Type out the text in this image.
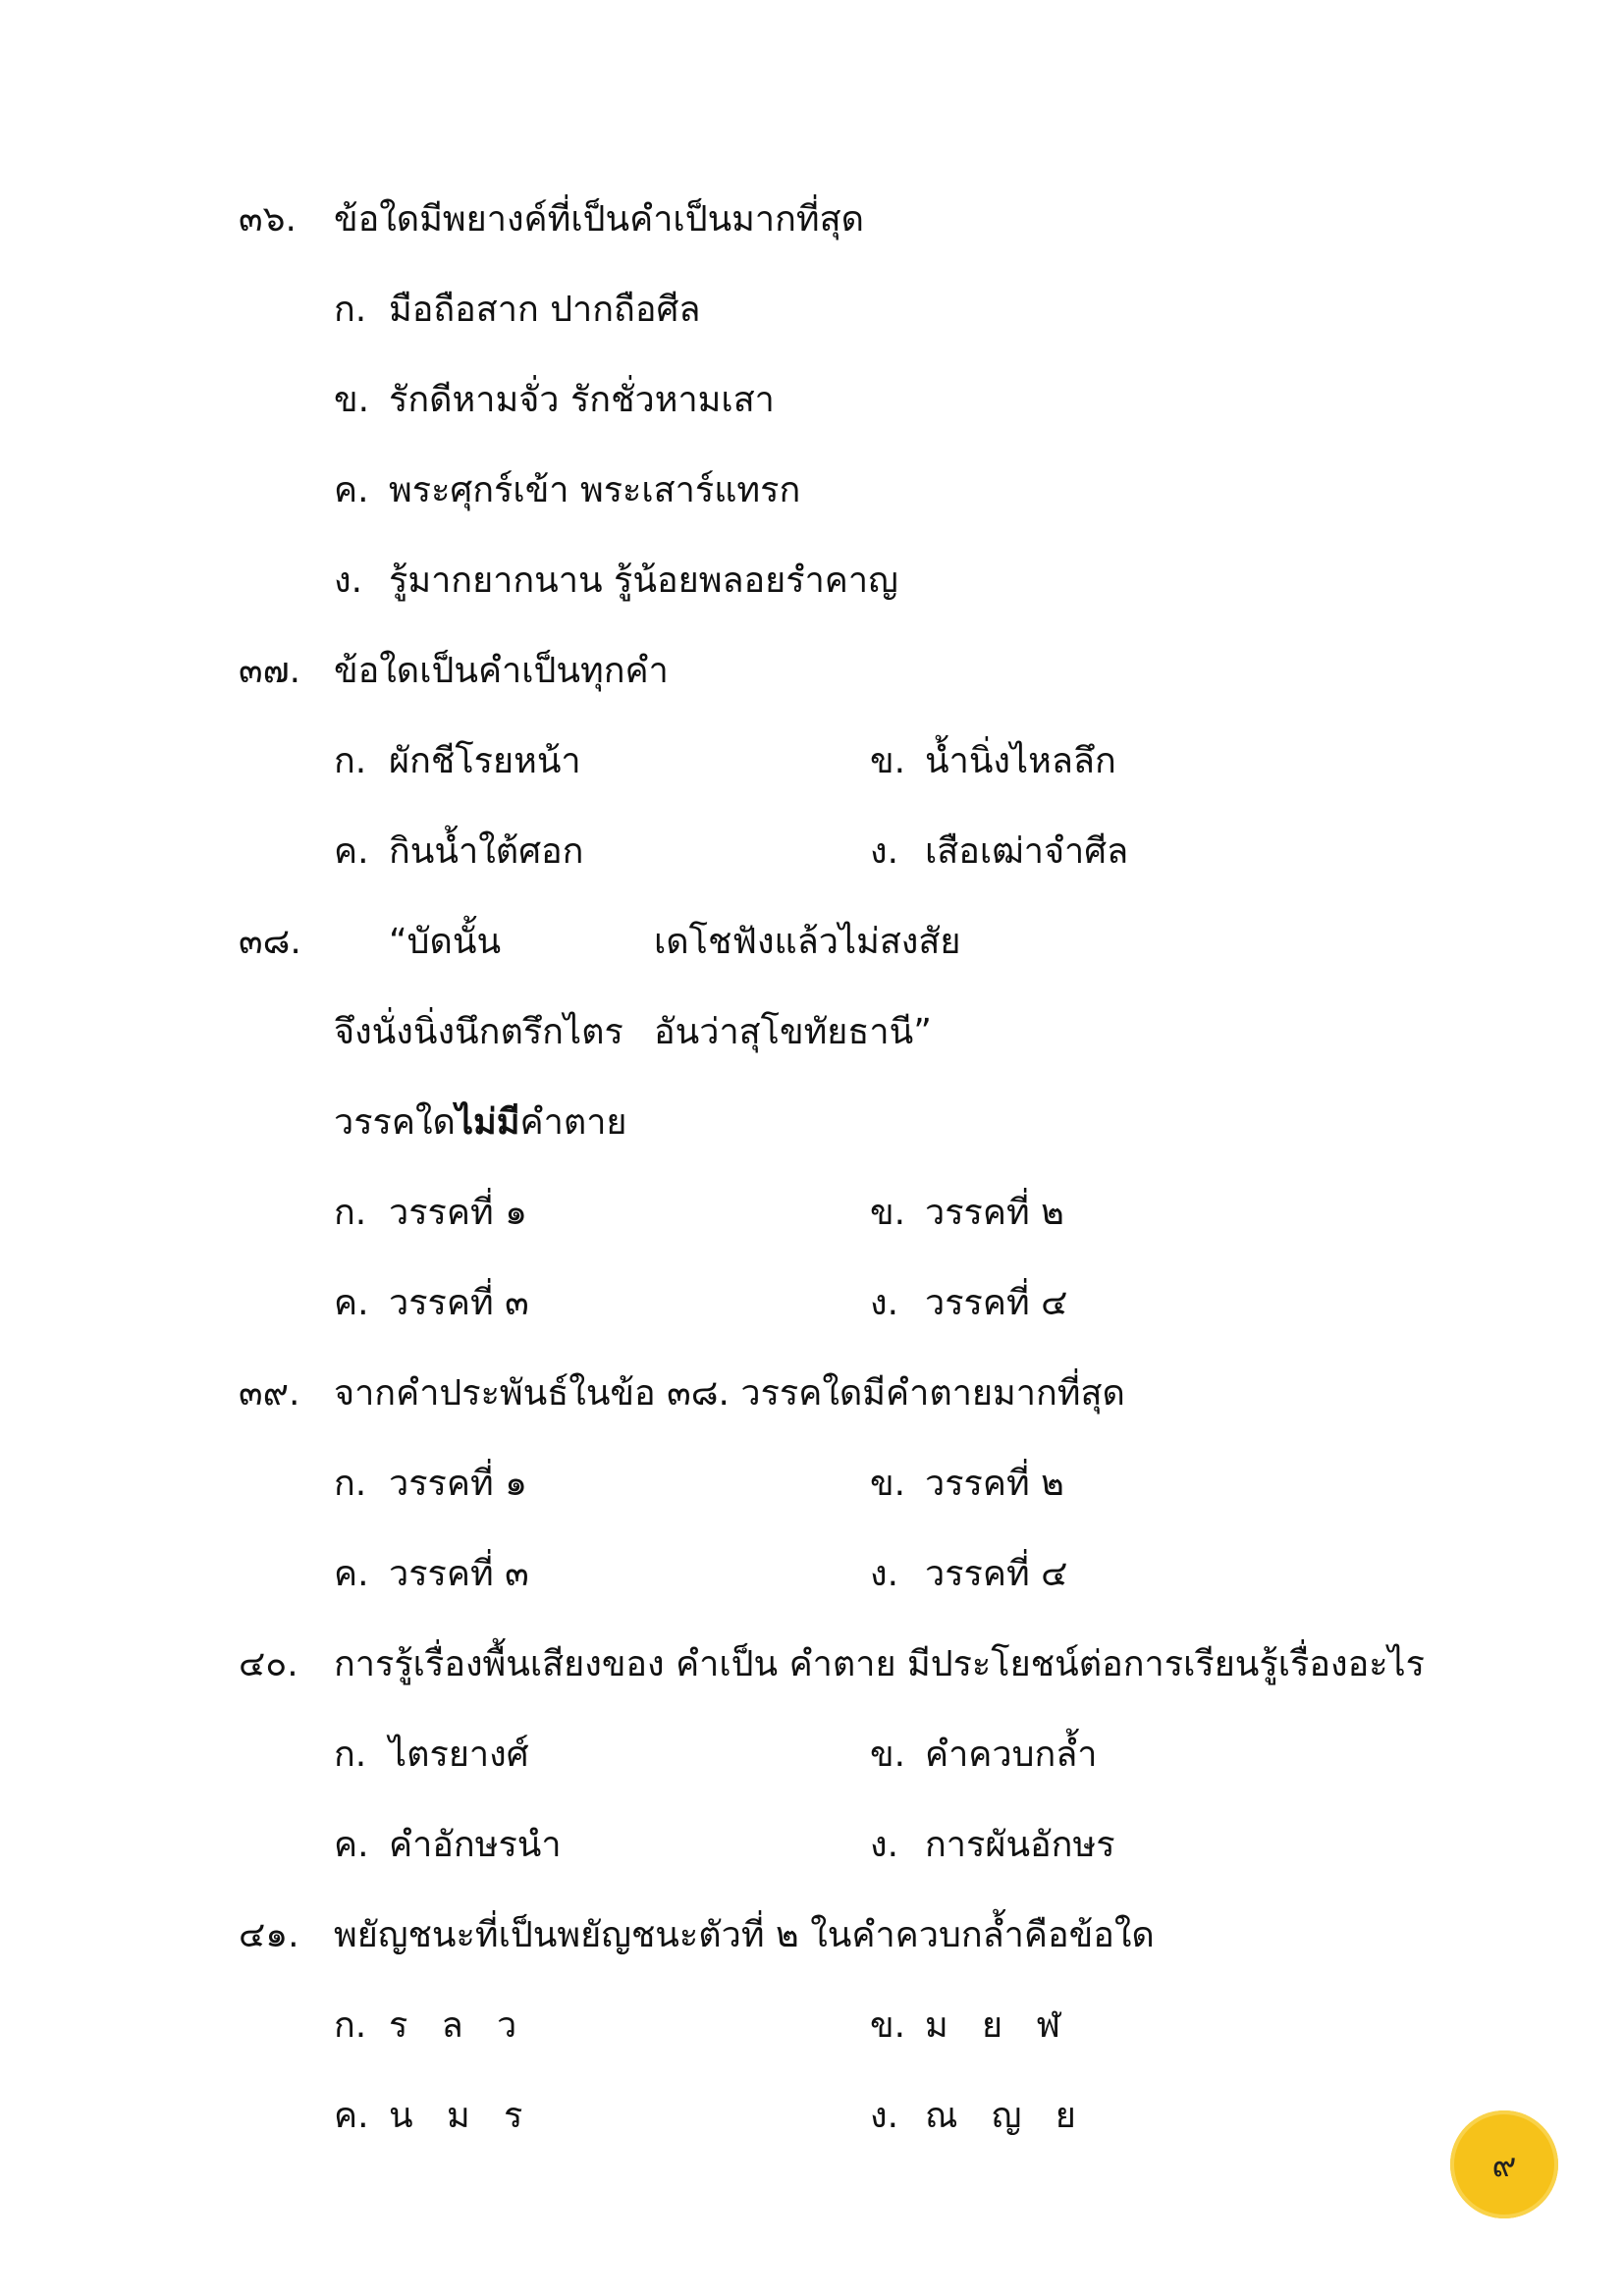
๓๖. ข้อใดมีพยางค์ที่เป็นคำเป็นมากที่สุด
ก. มือถือสาก ปากถือศีล
ข. รักดีหามจั่ว รักชั่วหามเสา
ค. พระศุกร์เข้า พระเสาร์แทรก
ง. รู้มากยากนาน รู้น้อยพลอยรำคาญ
๓๗. ข้อใดเป็นคำเป็นทุกคำ
ก. ผักชีโรยหน้า	ข. น้ำนิ่งไหลลึก
ค. กินน้ำใต้ศอก	ง. เสือเฒ่าจำศีล
๓๘. “บัดนั้น	เดโชฟังแล้วไม่สงสัย
จึงนั่งนิ่งนึกตรึกไตร อันว่าสุโขทัยธานี”
วรรคใดไม่มีคำตาย
ก. วรรคที่ ๑	ข. วรรคที่ ๒
ค. วรรคที่ ๓	ง. วรรคที่ ๔
๓๙. จากคำประพันธ์ในข้อ ๓๘. วรรคใดมีคำตายมากที่สุด
ก. วรรคที่ ๑	ข. วรรคที่ ๒
ค. วรรคที่ ๓	ง. วรรคที่ ๔
๔๐. การรู้เรื่องพื้นเสียงของ คำเป็น คำตาย มีประโยชน์ต่อการเรียนรู้เรื่องอะไร
ก. ไตรยางศ์	ข. คำควบกล้ำ
ค. คำอักษรนำ	ง. การผันอักษร
๔๑. พยัญชนะที่เป็นพยัญชนะตัวที่ ๒ ในคำควบกล้ำคือข้อใด
ก. ร   ล   ว	ข. ม   ย   ฬ
ค. น   ม   ร	ง. ณ   ญ   ย
๙
